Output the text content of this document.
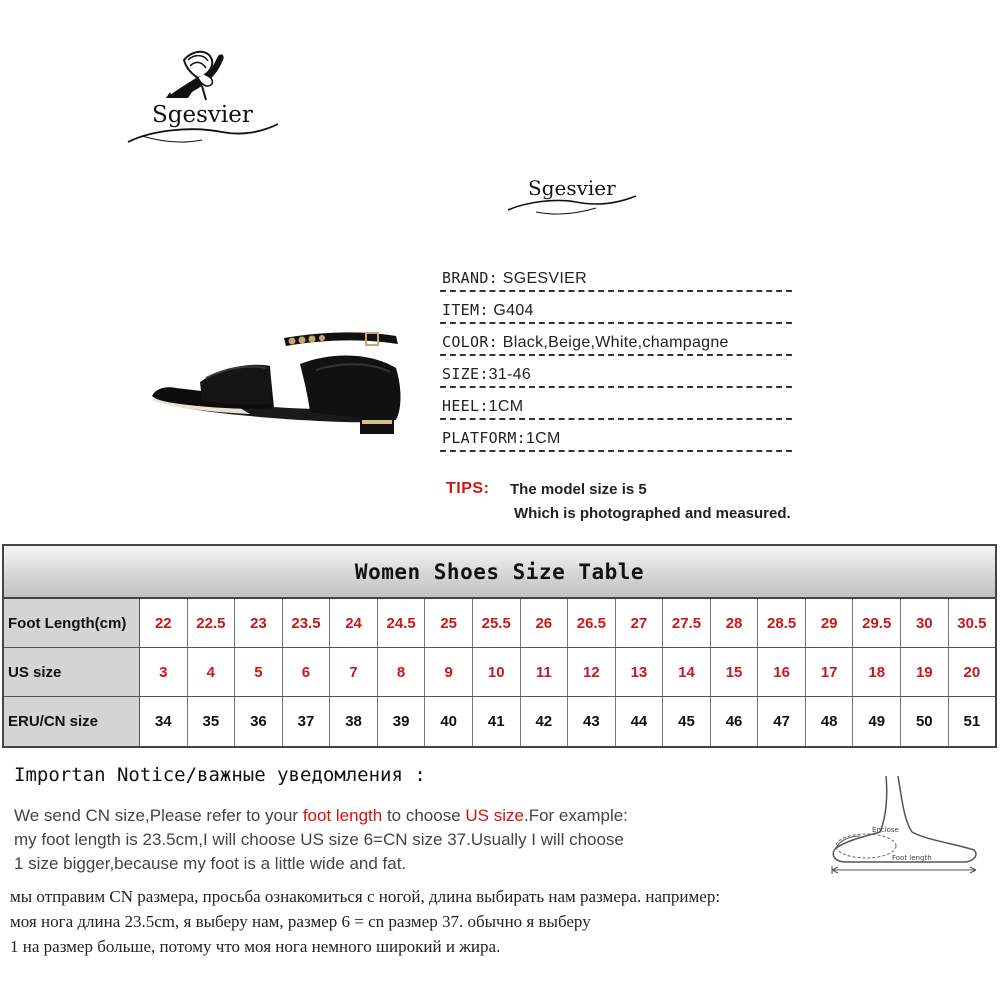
Sgesvier
Sgesvier
BRAND: SGESVIER
ITEM: G404
COLOR: Black,Beige,White,champagne
SIZE:31-46
HEEL:1CM
PLATFORM:1CM
TIPS: The model size is 5
Which is photographed and measured.
Women Shoes Size Table
Foot Length(cm)	22	22.5	23	23.5	24	24.5	25	25.5	26	26.5	27	27.5	28	28.5	29	29.5	30	30.5
US size	3	4	5	6	7	8	9	10	11	12	13	14	15	16	17	18	19	20
ERU/CN size	34	35	36	37	38	39	40	41	42	43	44	45	46	47	48	49	50	51
Importan Notice/важные уведомления :
We send CN size,Please refer to your foot length to choose US size.For example:
my foot length is 23.5cm,I will choose US size 6=CN size 37.Usually I will choose
1 size bigger,because my foot is a little wide and fat.
мы отправим CN размера, просьба ознакомиться с ногой, длина выбирать нам размера. например:
моя нога длина 23.5cm, я выберу нам, размер 6 = cn размер 37. обычно я выберу
1 на размер больше, потому что моя нога немного широкий и жира.
Enclose
Foot length
